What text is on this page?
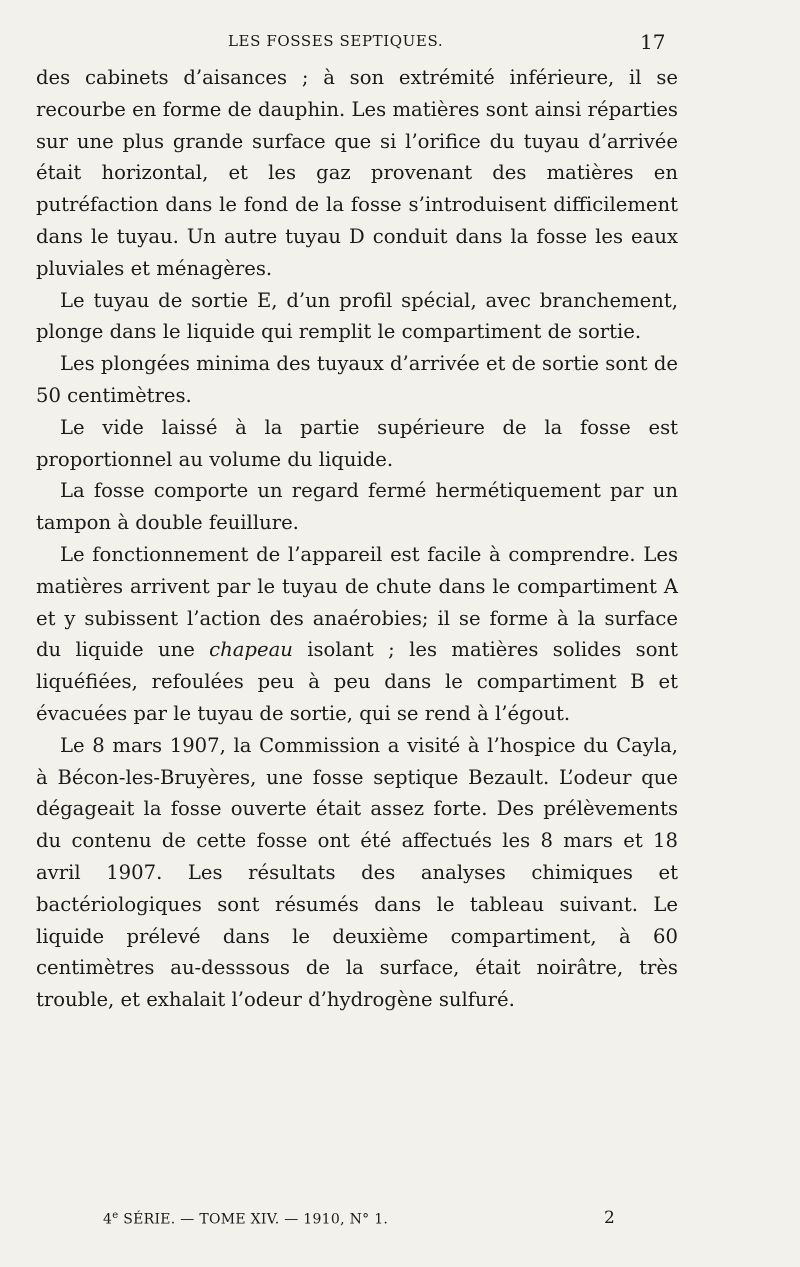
LES FOSSES SEPTIQUES.	17

des cabinets d’aisances ; à son extrémité inférieure, il se recourbe en forme de dauphin. Les matières sont ainsi réparties sur une plus grande surface que si l’orifice du tuyau d’arrivée était horizontal, et les gaz provenant des matières en putréfaction dans le fond de la fosse s’introduisent difficilement dans le tuyau. Un autre tuyau D conduit dans la fosse les eaux pluviales et ménagères.

Le tuyau de sortie E, d’un profil spécial, avec branchement, plonge dans le liquide qui remplit le compartiment de sortie.

Les plongées minima des tuyaux d’arrivée et de sortie sont de 50 centimètres.

Le vide laissé à la partie supérieure de la fosse est proportionnel au volume du liquide.

La fosse comporte un regard fermé hermétiquement par un tampon à double feuillure.

Le fonctionnement de l’appareil est facile à comprendre. Les matières arrivent par le tuyau de chute dans le compartiment A et y subissent l’action des anaérobies; il se forme à la surface du liquide une chapeau isolant ; les matières solides sont liquéfiées, refoulées peu à peu dans le compartiment B et évacuées par le tuyau de sortie, qui se rend à l’égout.

Le 8 mars 1907, la Commission a visité à l’hospice du Cayla, à Bécon-les-Bruyères, une fosse septique Bezault. L’odeur que dégageait la fosse ouverte était assez forte. Des prélèvements du contenu de cette fosse ont été affectués les 8 mars et 18 avril 1907. Les résultats des analyses chimiques et bactériologiques sont résumés dans le tableau suivant. Le liquide prélevé dans le deuxième compartiment, à 60 centimètres au-desssous de la surface, était noirâtre, très trouble, et exhalait l’odeur d’hydrogène sulfuré.

4e SÉRIE. — TOME XIV. — 1910, N° 1.	2
